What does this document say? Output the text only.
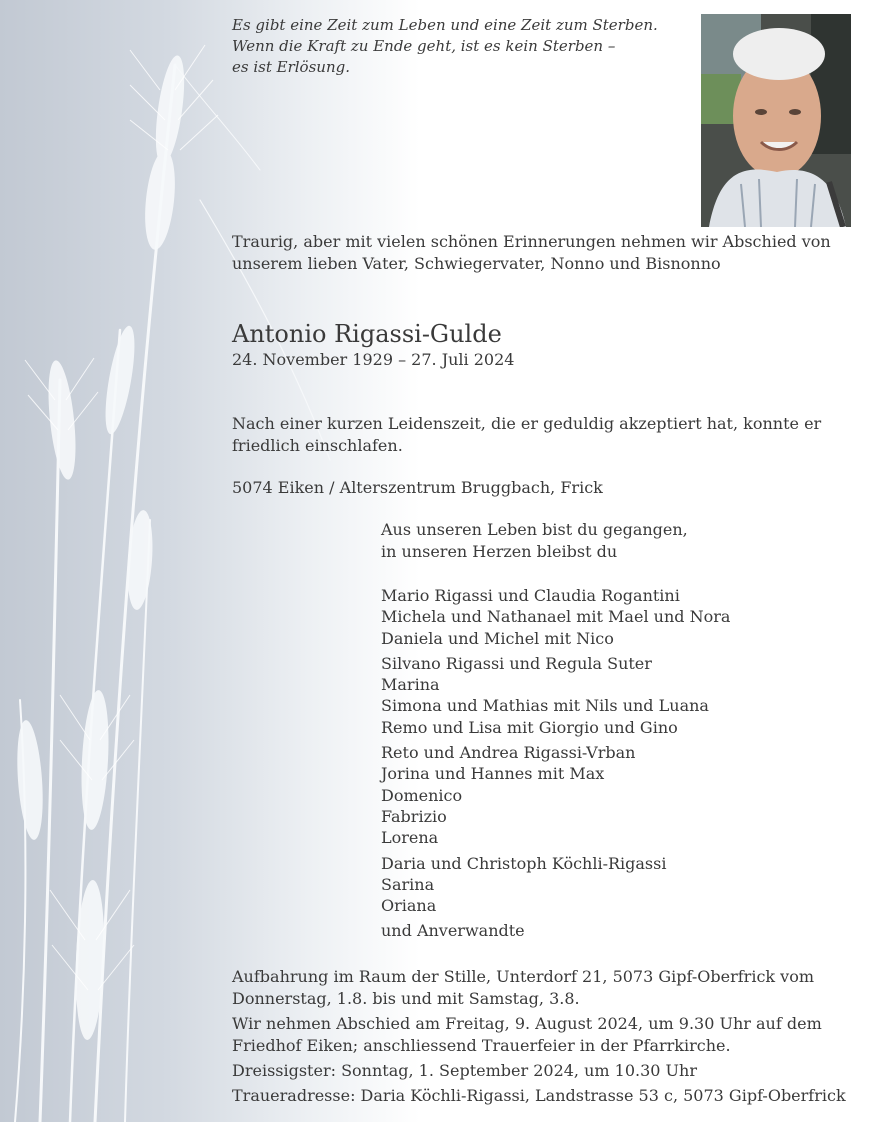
Es gibt eine Zeit zum Leben und eine Zeit zum Sterben.
Wenn die Kraft zu Ende geht, ist es kein Sterben –
es ist Erlösung.
Traurig, aber mit vielen schönen Erinnerungen nehmen wir Abschied von
unserem lieben Vater, Schwiegervater, Nonno und Bisnonno
Antonio Rigassi-Gulde
24. November 1929 – 27. Juli 2024
Nach einer kurzen Leidenszeit, die er geduldig akzeptiert hat, konnte er
friedlich einschlafen.
5074 Eiken / Alterszentrum Bruggbach, Frick
Aus unseren Leben bist du gegangen,
in unseren Herzen bleibst du
Mario Rigassi und Claudia Rogantini
Michela und Nathanael mit Mael und Nora
Daniela und Michel mit Nico
Silvano Rigassi und Regula Suter
Marina
Simona und Mathias mit Nils und Luana
Remo und Lisa mit Giorgio und Gino
Reto und Andrea Rigassi-Vrban
Jorina und Hannes mit Max
Domenico
Fabrizio
Lorena
Daria und Christoph Köchli-Rigassi
Sarina
Oriana
und Anverwandte
Aufbahrung im Raum der Stille, Unterdorf 21, 5073 Gipf-Oberfrick vom
Donnerstag, 1.8. bis und mit Samstag, 3.8.
Wir nehmen Abschied am Freitag, 9. August 2024, um 9.30 Uhr auf dem
Friedhof Eiken; anschliessend Trauerfeier in der Pfarrkirche.
Dreissigster: Sonntag, 1. September 2024, um 10.30 Uhr
Traueradresse: Daria Köchli-Rigassi, Landstrasse 53 c, 5073 Gipf-Oberfrick
